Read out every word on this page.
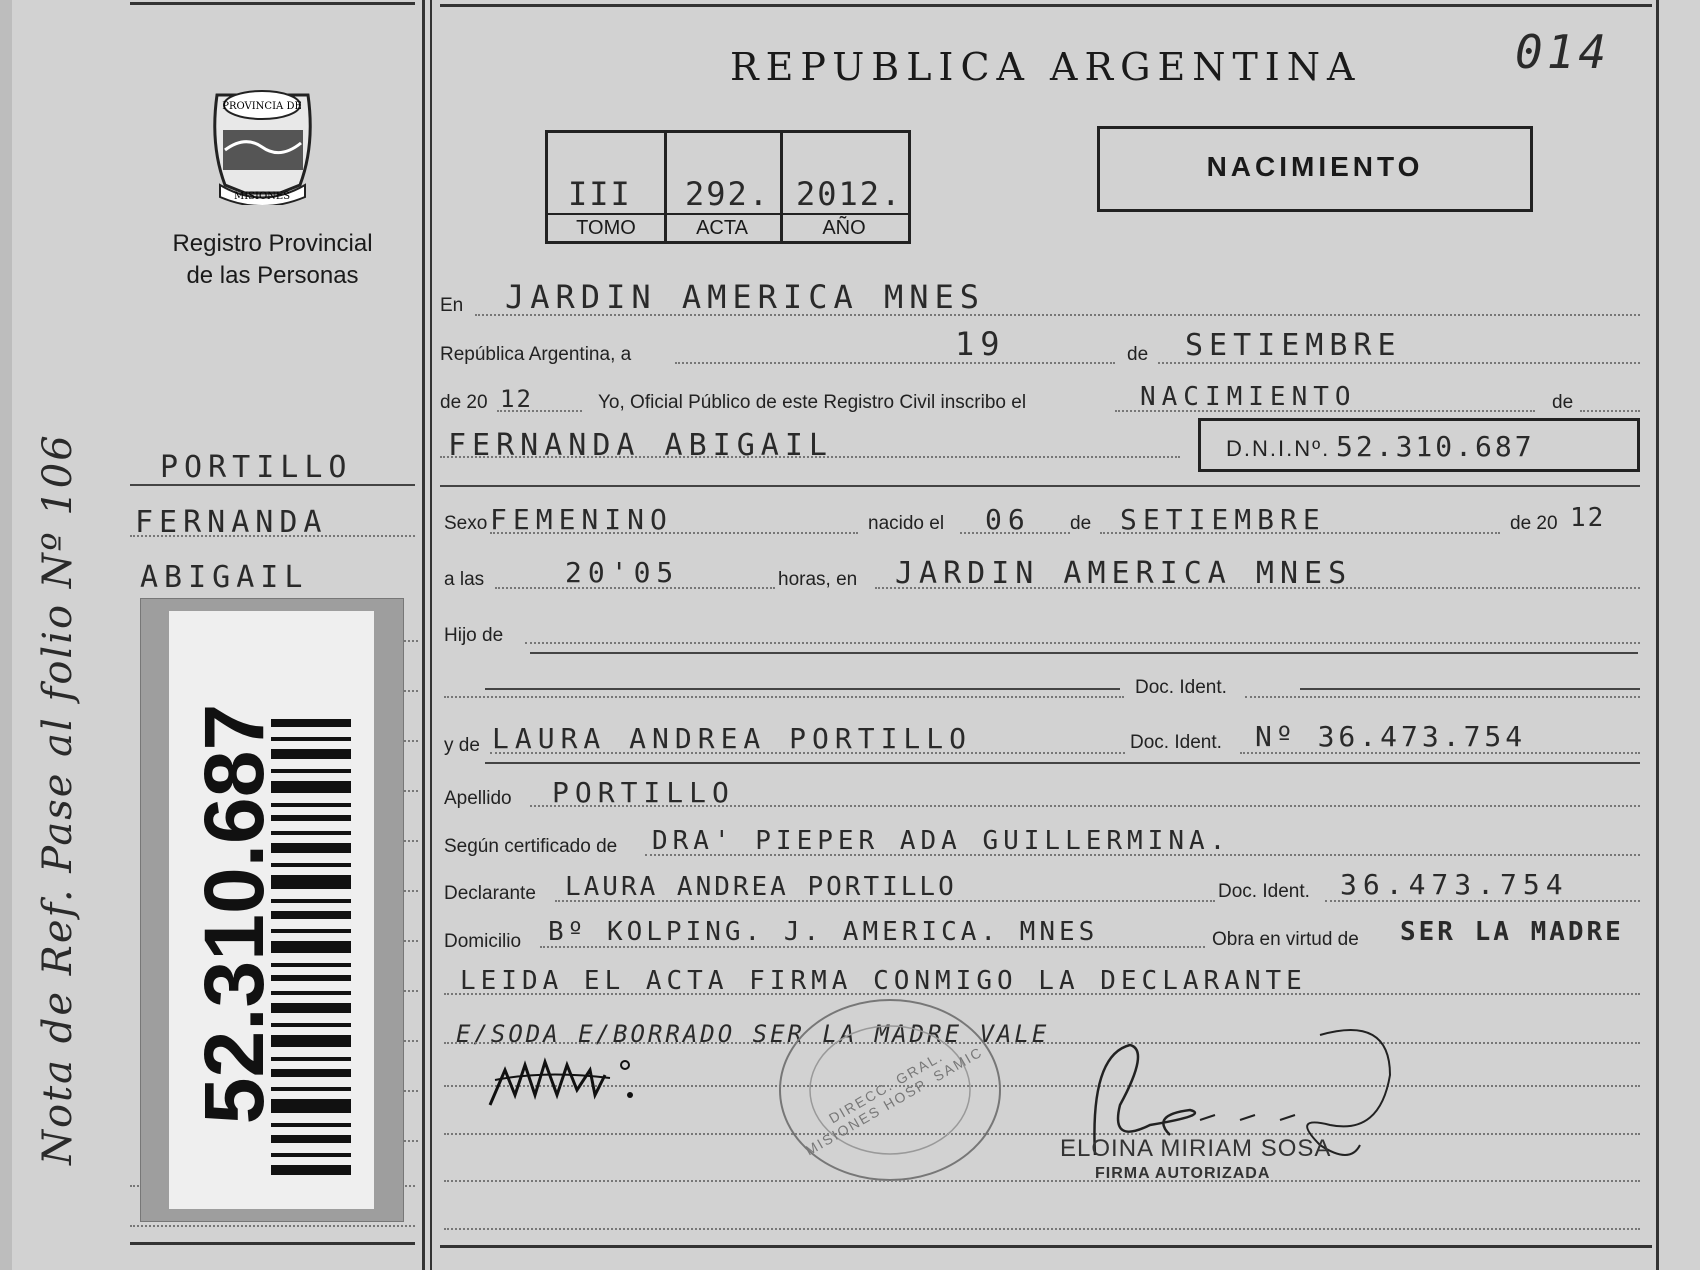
014
PROVINCIA DE
MISIONES
Registro Provincial
de las Personas
PORTILLO
FERNANDA
ABIGAIL
Nota de Ref. Pase al folio Nº 106 52.310.687
REPUBLICA ARGENTINA
III 292. 2012.
TOMO	ACTA	AÑO
NACIMIENTO
En JARDIN AMERICA MNES
República Argentina, a	19	de SETIEMBRE
de 20 12	Yo, Oficial Público de este Registro Civil inscribo el	NACIMIENTO	de
FERNANDA ABIGAIL	D.N.I.Nº. 52.310.687
Sexo FEMENINO	nacido el 06 de SETIEMBRE	de 20 12
a las	20'05	horas, en JARDIN AMERICA MNES
Hijo de
Doc. Ident.
y de LAURA ANDREA PORTILLO	Doc. Ident. Nº 36.473.754
Apellido PORTILLO
Según certificado de DRA' PIEPER ADA GUILLERMINA.
Declarante LAURA ANDREA PORTILLO	Doc. Ident. 36.473.754
Domicilio Bº KOLPING. J. AMERICA. MNES	Obra en virtud de SER LA MADRE
LEIDA EL ACTA FIRMA CONMIGO LA DECLARANTE
E/SODA E/BORRADO SER LA MADRE VALE
DIRECC. GRAL. MISIONES HOSP. SAMIC	ELOINA MIRIAM SOSA
FIRMA AUTORIZADA
